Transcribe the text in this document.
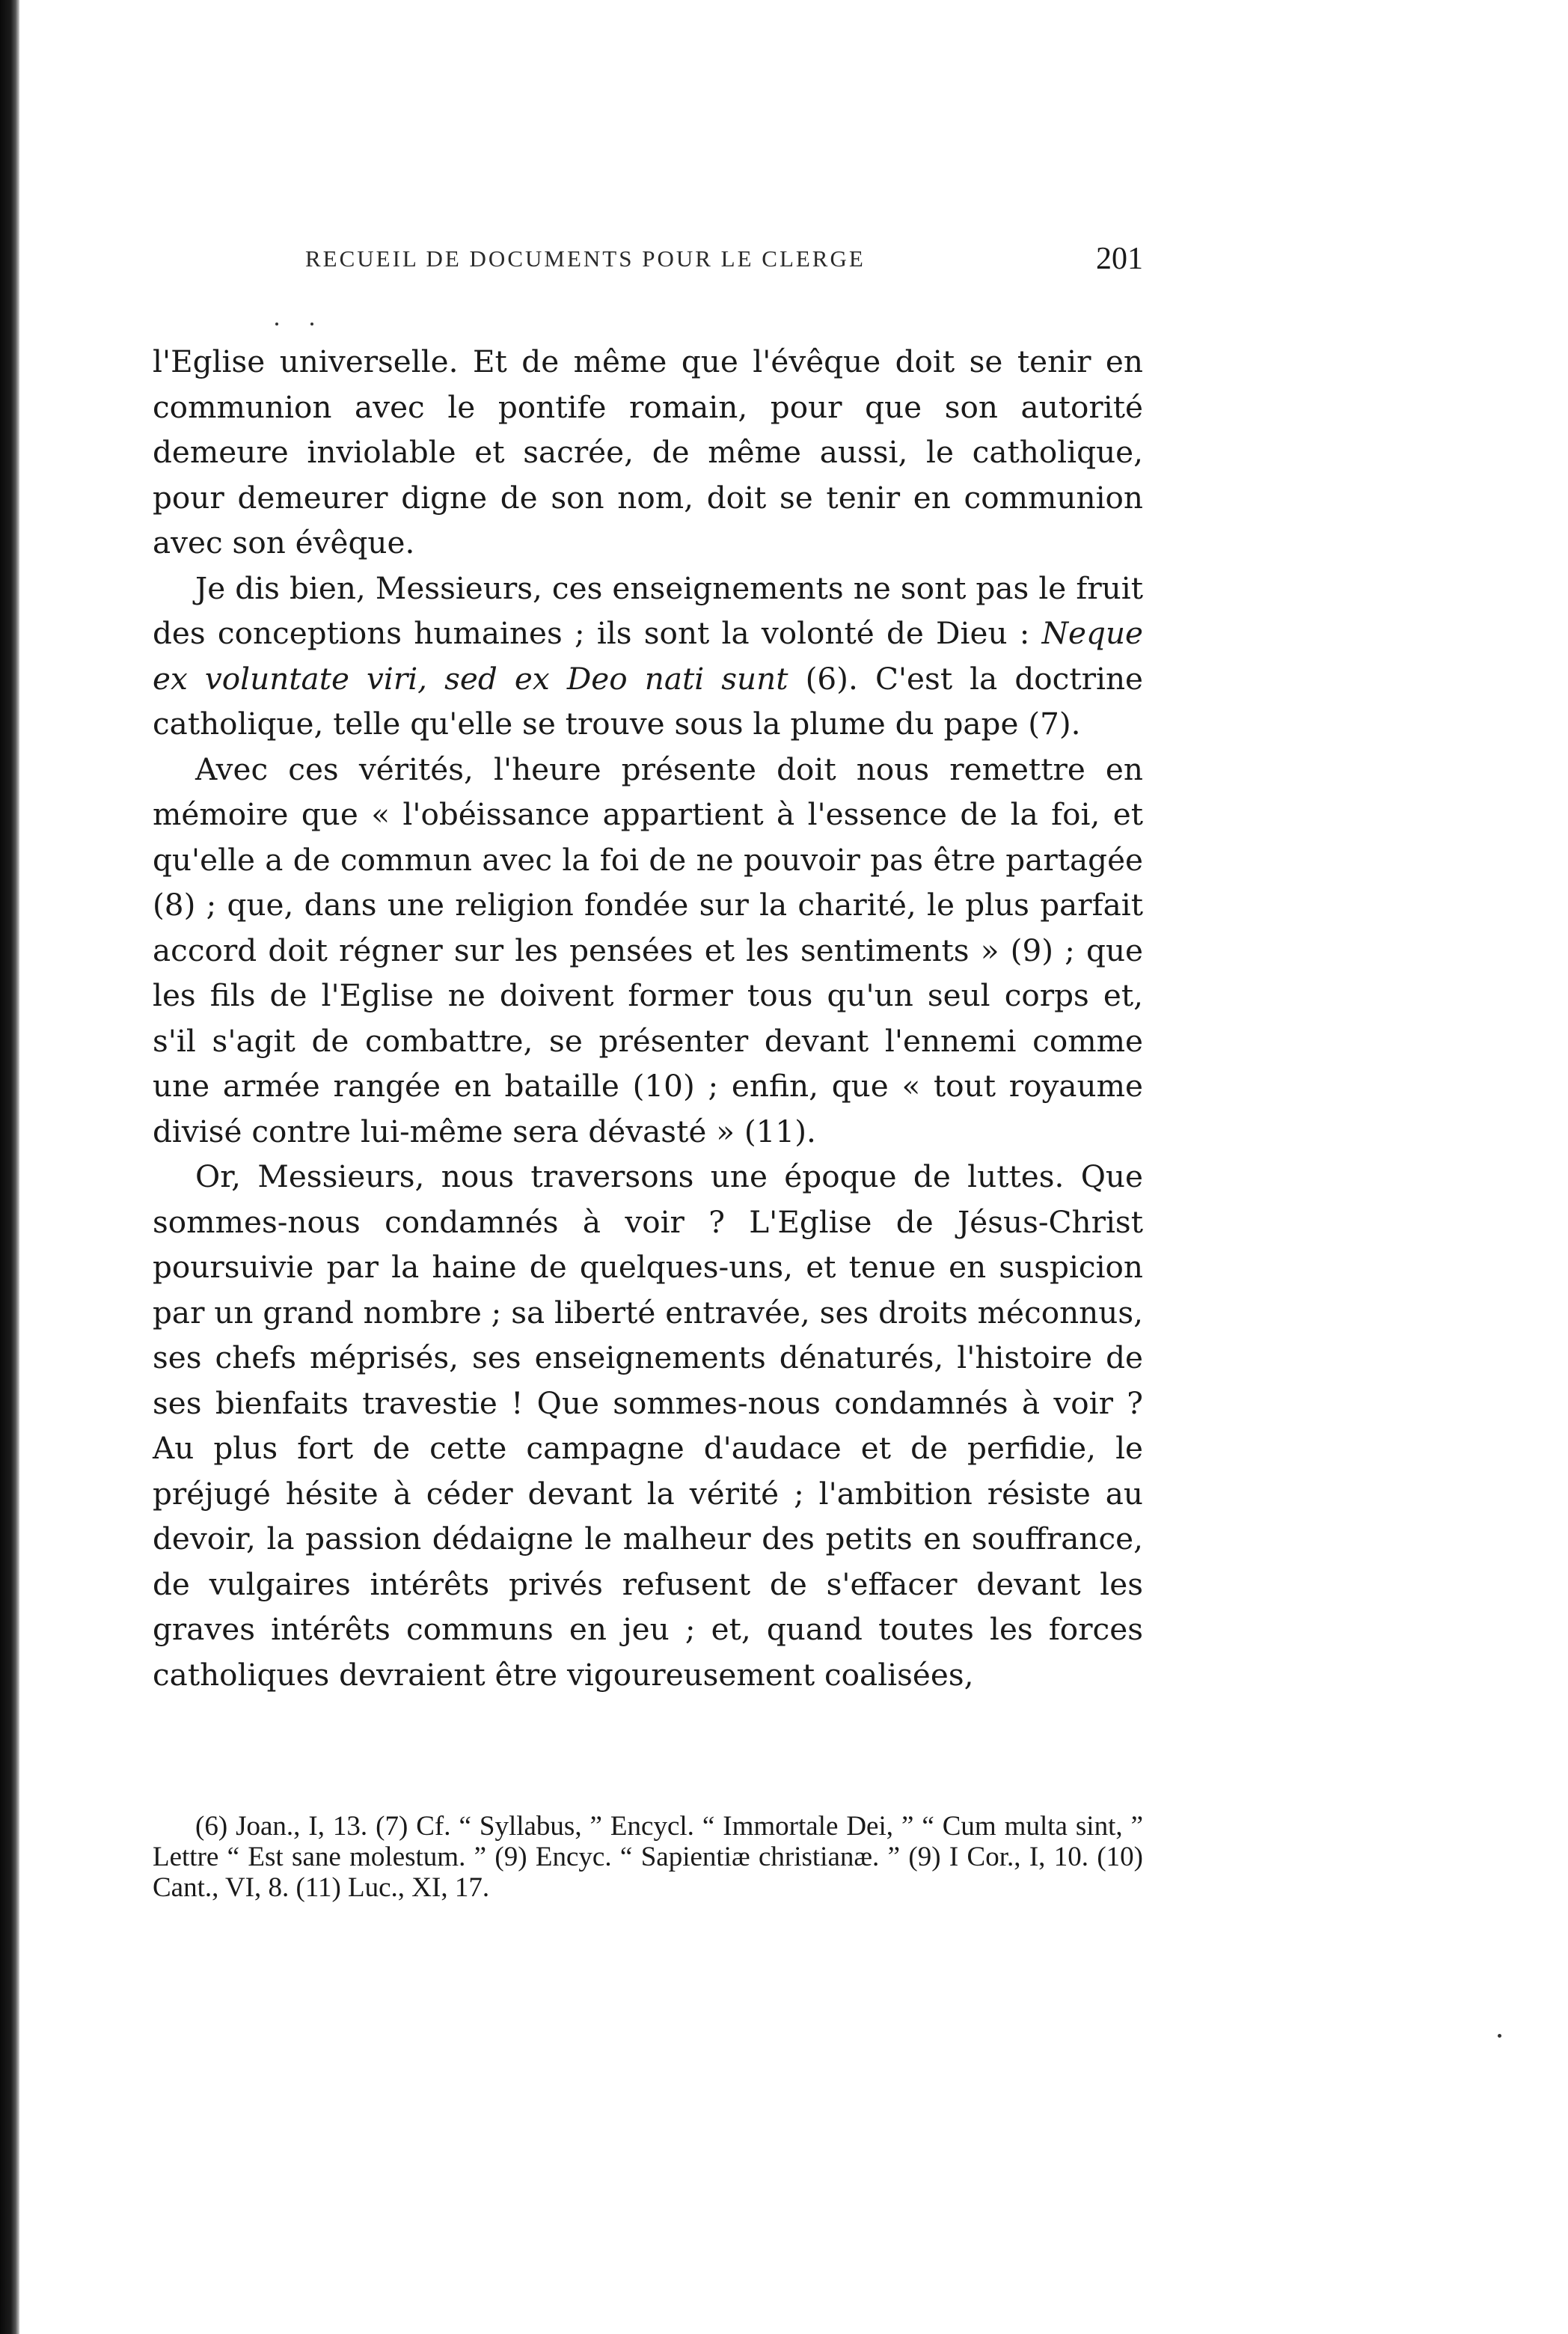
RECUEIL DE DOCUMENTS POUR LE CLERGE	201

l'Eglise universelle. Et de même que l'évêque doit se tenir en communion avec le pontife romain, pour que son autorité demeure inviolable et sacrée, de même aussi, le catholique, pour demeurer digne de son nom, doit se tenir en communion avec son évêque.

Je dis bien, Messieurs, ces enseignements ne sont pas le fruit des conceptions humaines ; ils sont la volonté de Dieu : Neque ex voluntate viri, sed ex Deo nati sunt (6). C'est la doctrine catholique, telle qu'elle se trouve sous la plume du pape (7).

Avec ces vérités, l'heure présente doit nous remettre en mémoire que « l'obéissance appartient à l'essence de la foi, et qu'elle a de commun avec la foi de ne pouvoir pas être partagée (8) ; que, dans une religion fondée sur la charité, le plus parfait accord doit régner sur les pensées et les sentiments » (9) ; que les fils de l'Eglise ne doivent former tous qu'un seul corps et, s'il s'agit de combattre, se présenter devant l'ennemi comme une armée rangée en bataille (10) ; enfin, que « tout royaume divisé contre lui-même sera dévasté » (11).

Or, Messieurs, nous traversons une époque de luttes. Que sommes-nous condamnés à voir ? L'Eglise de Jésus-Christ poursuivie par la haine de quelques-uns, et tenue en suspicion par un grand nombre ; sa liberté entravée, ses droits méconnus, ses chefs méprisés, ses enseignements dénaturés, l'histoire de ses bienfaits travestie ! Que sommes-nous condamnés à voir ? Au plus fort de cette campagne d'audace et de perfidie, le préjugé hésite à céder devant la vérité ; l'ambition résiste au devoir, la passion dédaigne le malheur des petits en souffrance, de vulgaires intérêts privés refusent de s'effacer devant les graves intérêts communs en jeu ; et, quand toutes les forces catholiques devraient être vigoureusement coalisées,

(6) Joan., I, 13. (7) Cf. “ Syllabus, ” Encycl. “ Immortale Dei, ” “ Cum multa sint, ” Lettre “ Est sane molestum. ” (9) Encyc. “ Sapientiæ christianæ. ” (9) I Cor., I, 10. (10) Cant., VI, 8. (11) Luc., XI, 17.
